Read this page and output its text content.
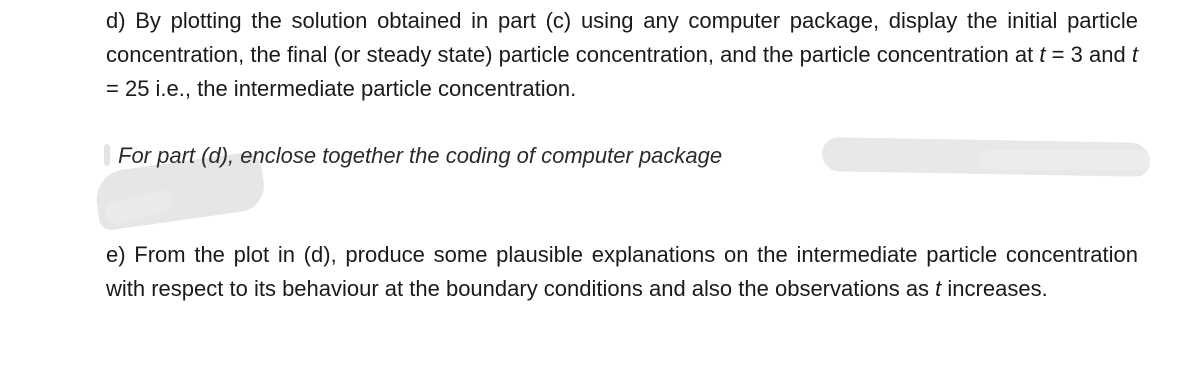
d) By plotting the solution obtained in part (c) using any computer package, display the initial particle concentration, the final (or steady state) particle concentration, and the particle concentration at t = 3 and t = 25 i.e., the intermediate particle concentration.

For part (d), enclose together the coding of computer package

e) From the plot in (d), produce some plausible explanations on the intermediate particle concentration with respect to its behaviour at the boundary conditions and also the observations as t increases.
